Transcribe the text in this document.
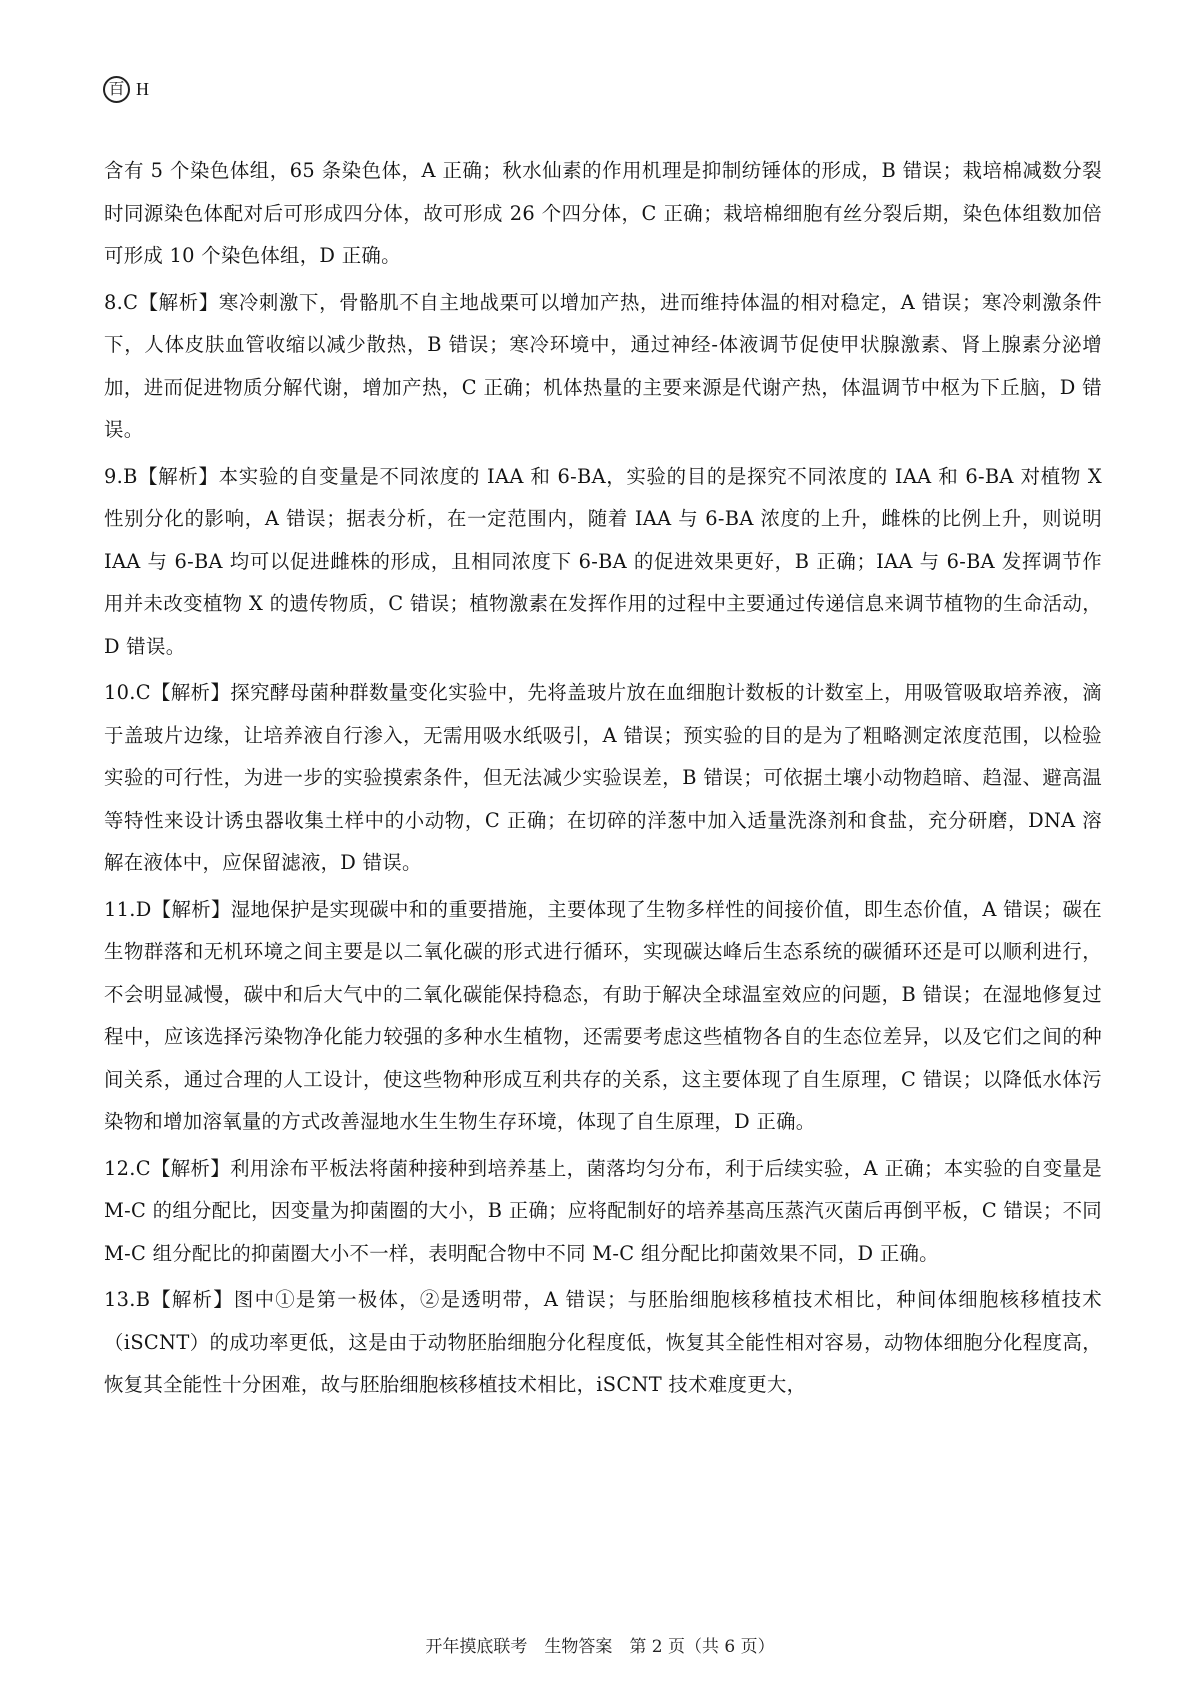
百 H

含有 5 个染色体组，65 条染色体，A 正确；秋水仙素的作用机理是抑制纺锤体的形成，B 错误；栽培棉减数分裂时同源染色体配对后可形成四分体，故可形成 26 个四分体，C 正确；栽培棉细胞有丝分裂后期，染色体组数加倍可形成 10 个染色体组，D 正确。

8.C【解析】寒冷刺激下，骨骼肌不自主地战栗可以增加产热，进而维持体温的相对稳定，A 错误；寒冷刺激条件下，人体皮肤血管收缩以减少散热，B 错误；寒冷环境中，通过神经-体液调节促使甲状腺激素、肾上腺素分泌增加，进而促进物质分解代谢，增加产热，C 正确；机体热量的主要来源是代谢产热，体温调节中枢为下丘脑，D 错误。

9.B【解析】本实验的自变量是不同浓度的 IAA 和 6-BA，实验的目的是探究不同浓度的 IAA 和 6-BA 对植物 X 性别分化的影响，A 错误；据表分析，在一定范围内，随着 IAA 与 6-BA 浓度的上升，雌株的比例上升，则说明 IAA 与 6-BA 均可以促进雌株的形成，且相同浓度下 6-BA 的促进效果更好，B 正确；IAA 与 6-BA 发挥调节作用并未改变植物 X 的遗传物质，C 错误；植物激素在发挥作用的过程中主要通过传递信息来调节植物的生命活动，D 错误。

10.C【解析】探究酵母菌种群数量变化实验中，先将盖玻片放在血细胞计数板的计数室上，用吸管吸取培养液，滴于盖玻片边缘，让培养液自行渗入，无需用吸水纸吸引，A 错误；预实验的目的是为了粗略测定浓度范围，以检验实验的可行性，为进一步的实验摸索条件，但无法减少实验误差，B 错误；可依据土壤小动物趋暗、趋湿、避高温等特性来设计诱虫器收集土样中的小动物，C 正确；在切碎的洋葱中加入适量洗涤剂和食盐，充分研磨，DNA 溶解在液体中，应保留滤液，D 错误。

11.D【解析】湿地保护是实现碳中和的重要措施，主要体现了生物多样性的间接价值，即生态价值，A 错误；碳在生物群落和无机环境之间主要是以二氧化碳的形式进行循环，实现碳达峰后生态系统的碳循环还是可以顺利进行，不会明显减慢，碳中和后大气中的二氧化碳能保持稳态，有助于解决全球温室效应的问题，B 错误；在湿地修复过程中，应该选择污染物净化能力较强的多种水生植物，还需要考虑这些植物各自的生态位差异，以及它们之间的种间关系，通过合理的人工设计，使这些物种形成互利共存的关系，这主要体现了自生原理，C 错误；以降低水体污染物和增加溶氧量的方式改善湿地水生生物生存环境，体现了自生原理，D 正确。

12.C【解析】利用涂布平板法将菌种接种到培养基上，菌落均匀分布，利于后续实验，A 正确；本实验的自变量是 M-C 的组分配比，因变量为抑菌圈的大小，B 正确；应将配制好的培养基高压蒸汽灭菌后再倒平板，C 错误；不同 M-C 组分配比的抑菌圈大小不一样，表明配合物中不同 M-C 组分配比抑菌效果不同，D 正确。

13.B【解析】图中①是第一极体，②是透明带，A 错误；与胚胎细胞核移植技术相比，种间体细胞核移植技术（iSCNT）的成功率更低，这是由于动物胚胎细胞分化程度低，恢复其全能性相对容易，动物体细胞分化程度高，恢复其全能性十分困难，故与胚胎细胞核移植技术相比，iSCNT 技术难度更大，

开年摸底联考　生物答案　第 2 页（共 6 页）
